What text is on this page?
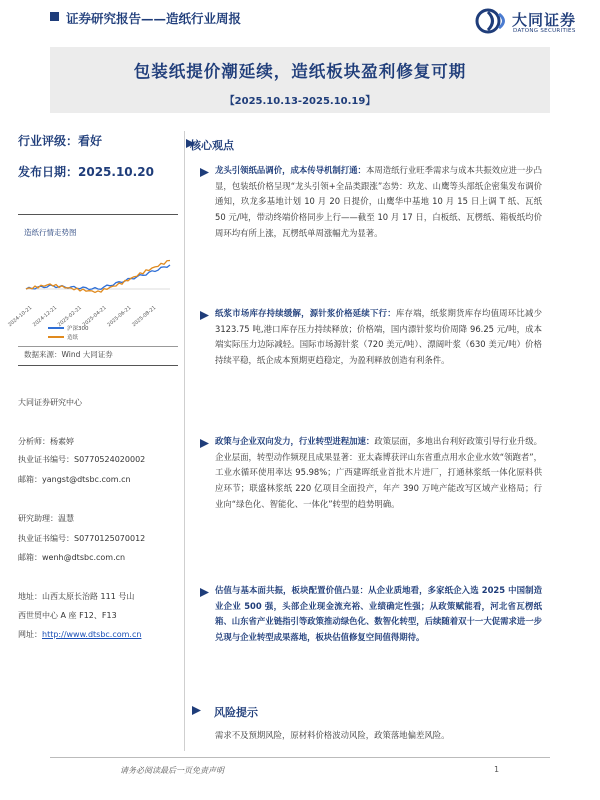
证券研究报告——造纸行业周报	大同证券
DATONG SECURITIES
包装纸提价潮延续，造纸板块盈利修复可期
【2025.10.13-2025.10.19】
行业评级：看好
发布日期：2025.10.20
造纸行情走势图
2024-10-21
2024-12-21
2025-02-21
2025-04-21
2025-06-21
2025-08-21
沪深300
造纸
数据来源：Wind 大同证券
大同证券研究中心
分析师：杨素婷
执业证书编号：S0770524020002
邮箱：yangst@dtsbc.com.cn
研究助理：温慧
执业证书编号：S0770125070012
邮箱：wenh@dtsbc.com.cn
地址：山西太原长治路 111 号山
西世贸中心 A 座 F12、F13
网址：http://www.dtsbc.com.cn
核心观点
龙头引领纸品调价，成本传导机制打通：本周造纸行业旺季需求与成本共振效应进一步凸显，包装纸价格呈现“龙头引领+全品类跟涨”态势：玖龙、山鹰等头部纸企密集发布调价通知，玖龙多基地计划 10 月 20 日提价，山鹰华中基地 10 月 15 日上调 T 纸、瓦纸 50 元/吨，带动终端价格同步上行——截至 10 月 17 日，白板纸、瓦楞纸、箱板纸均价周环均有所上涨，瓦楞纸单周涨幅尤为显著。
纸浆市场库存持续缓解，源针浆价格延续下行：库存端，纸浆期货库存均值周环比减少 3123.75 吨,港口库存压力持续释放；价格端，国内漂针浆均价周降 96.25 元/吨，成本端实际压力边际减轻。国际市场源针浆（720 美元/吨）、漂阔叶浆（630 美元/吨）价格持续平稳，纸企成本预期更趋稳定，为盈利释放创造有利条件。
政策与企业双向发力，行业转型进程加速：政策层面，多地出台利好政策引导行业升级。企业层面，转型动作频现且成果显著：亚太森博获评山东省重点用水企业水效“领跑者”，工业水循环使用率达 95.98%；广西建晖纸业首批木片进厂，打通林浆纸一体化原料供应环节；联盛林浆纸 220 亿项目全面投产，年产 390 万吨产能改写区域产业格局；行业向“绿色化、智能化、一体化”转型的趋势明确。
估值与基本面共振，板块配置价值凸显：从企业质地看，多家纸企入选 2025 中国制造业企业 500 强，头部企业现金流充裕、业绩确定性强；从政策赋能看，河北省瓦楞纸箱、山东省产业链指引等政策推动绿色化、数智化转型，后续随着双十一大促需求进一步兑现与企业转型成果落地，板块估值修复空间值得期待。
风险提示
需求不及预期风险，原材料价格波动风险，政策落地偏差风险。
请务必阅读最后一页免责声明	1
